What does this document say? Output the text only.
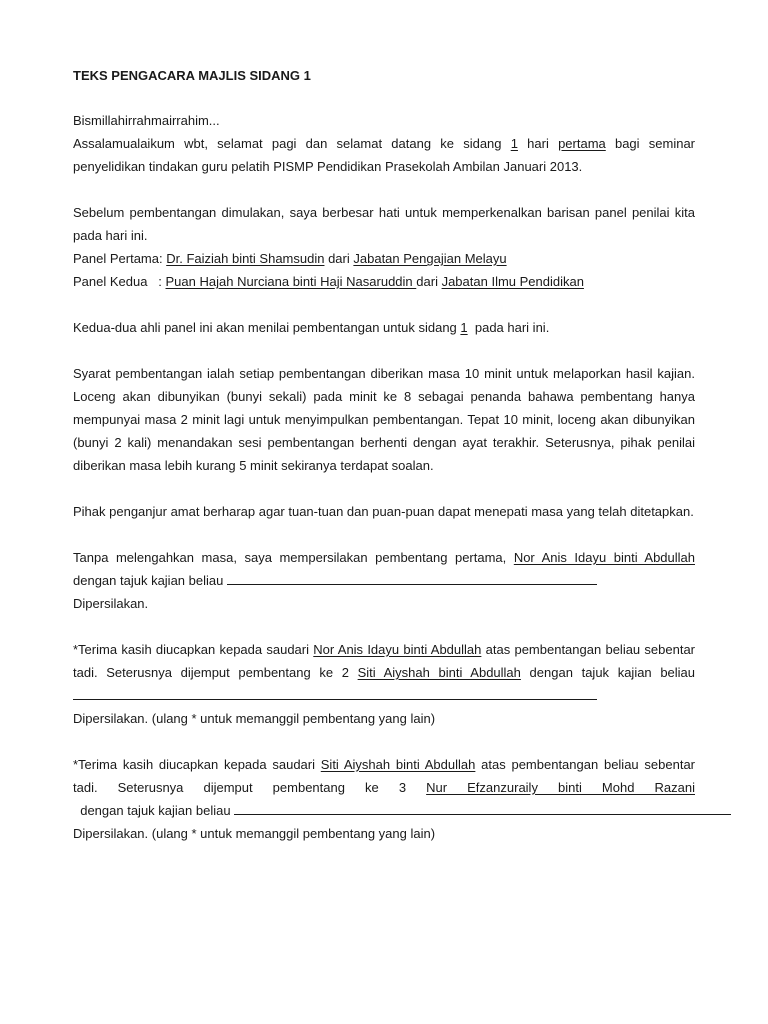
TEKS PENGACARA MAJLIS SIDANG 1

Bismillahirrahmairrahim...

Assalamualaikum wbt, selamat pagi dan selamat datang ke sidang 1 hari pertama bagi seminar penyelidikan tindakan guru pelatih PISMP Pendidikan Prasekolah Ambilan Januari 2013.

Sebelum pembentangan dimulakan, saya berbesar hati untuk memperkenalkan barisan panel penilai kita pada hari ini.

Panel Pertama: Dr. Faiziah binti Shamsudin dari Jabatan Pengajian Melayu

Panel Kedua   : Puan Hajah Nurciana binti Haji Nasaruddin dari Jabatan Ilmu Pendidikan

Kedua-dua ahli panel ini akan menilai pembentangan untuk sidang 1  pada hari ini.

Syarat pembentangan ialah setiap pembentangan diberikan masa 10 minit untuk melaporkan hasil kajian. Loceng akan dibunyikan (bunyi sekali) pada minit ke 8 sebagai penanda bahawa pembentang hanya mempunyai masa 2 minit lagi untuk menyimpulkan pembentangan. Tepat 10 minit, loceng akan dibunyikan (bunyi 2 kali) menandakan sesi pembentangan berhenti dengan ayat terakhir. Seterusnya, pihak penilai diberikan masa lebih kurang 5 minit sekiranya terdapat soalan.

Pihak penganjur amat berharap agar tuan-tuan dan puan-puan dapat menepati masa yang telah ditetapkan.

Tanpa melengahkan masa, saya mempersilakan pembentang pertama, Nor Anis Idayu binti Abdullah dengan tajuk kajian beliau

Dipersilakan.

*Terima kasih diucapkan kepada saudari Nor Anis Idayu binti Abdullah atas pembentangan beliau sebentar tadi. Seterusnya dijemput pembentang ke 2 Siti Aiyshah binti Abdullah dengan tajuk kajian beliau

Dipersilakan. (ulang * untuk memanggil pembentang yang lain)

*Terima kasih diucapkan kepada saudari Siti Aiyshah binti Abdullah atas pembentangan beliau sebentar tadi. Seterusnya dijemput pembentang ke 3 Nur Efzanzuraily binti Mohd Razani  dengan tajuk kajian beliau

Dipersilakan. (ulang * untuk memanggil pembentang yang lain)
